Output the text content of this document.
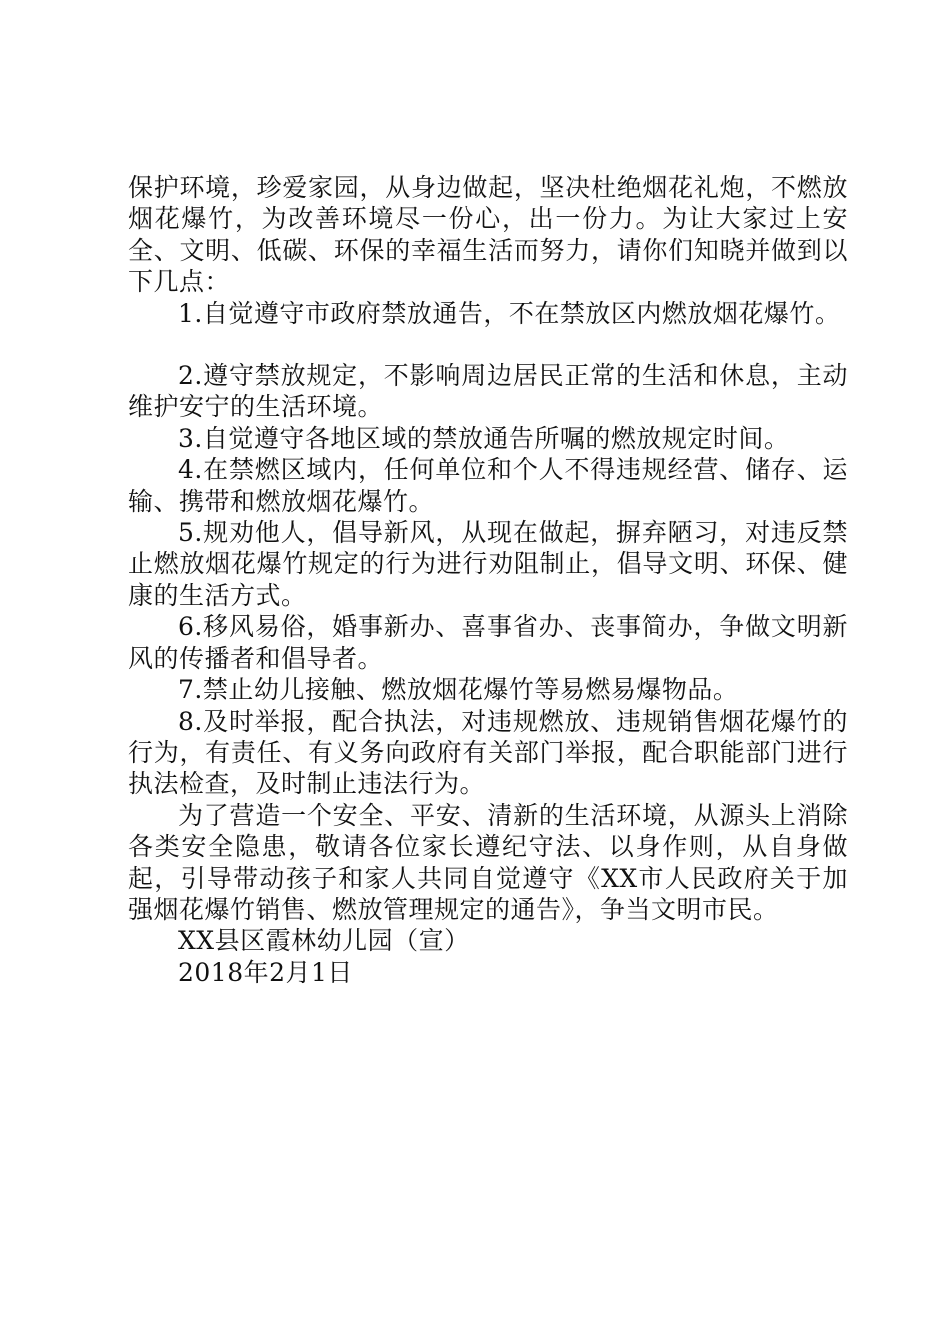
保护环境，珍爱家园，从身边做起，坚决杜绝烟花礼炮，不燃放烟花爆竹，为改善环境尽一份心，出一份力。为让大家过上安全、文明、低碳、环保的幸福生活而努力，请你们知晓并做到以下几点：

1.自觉遵守市政府禁放通告，不在禁放区内燃放烟花爆竹。

2.遵守禁放规定，不影响周边居民正常的生活和休息，主动维护安宁的生活环境。

3.自觉遵守各地区域的禁放通告所嘱的燃放规定时间。

4.在禁燃区域内，任何单位和个人不得违规经营、储存、运输、携带和燃放烟花爆竹。

5.规劝他人，倡导新风，从现在做起，摒弃陋习，对违反禁止燃放烟花爆竹规定的行为进行劝阻制止，倡导文明、环保、健康的生活方式。

6.移风易俗，婚事新办、喜事省办、丧事简办，争做文明新风的传播者和倡导者。

7.禁止幼儿接触、燃放烟花爆竹等易燃易爆物品。

8.及时举报，配合执法，对违规燃放、违规销售烟花爆竹的行为，有责任、有义务向政府有关部门举报，配合职能部门进行执法检查，及时制止违法行为。

为了营造一个安全、平安、清新的生活环境，从源头上消除各类安全隐患，敬请各位家长遵纪守法、以身作则，从自身做起，引导带动孩子和家人共同自觉遵守《XX市人民政府关于加强烟花爆竹销售、燃放管理规定的通告》，争当文明市民。

XX县区霞林幼儿园（宣）

2018年2月1日
